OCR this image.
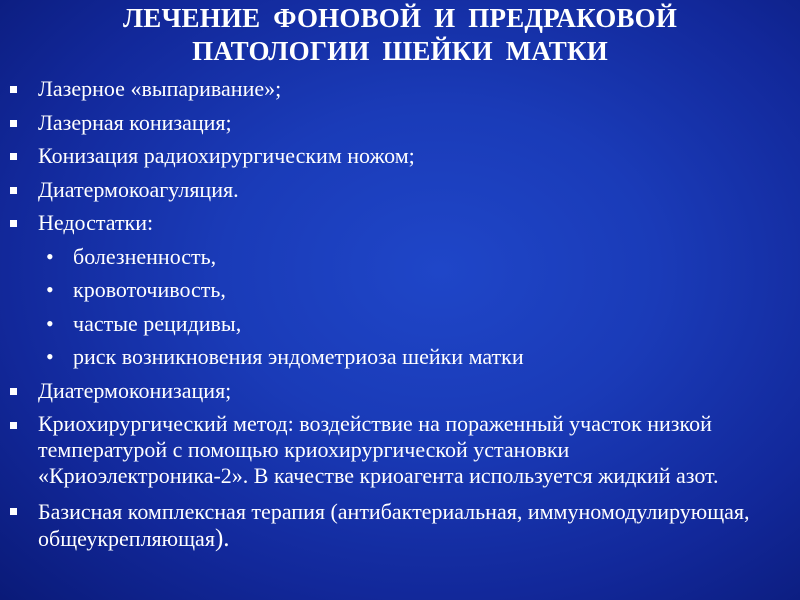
ЛЕЧЕНИЕ ФОНОВОЙ И ПРЕДРАКОВОЙ
ПАТОЛОГИИ ШЕЙКИ МАТКИ
Лазерное «выпаривание»;
Лазерная конизация;
Конизация радиохирургическим ножом;
Диатермокоагуляция.
Недостатки:
• болезненность,
• кровоточивость,
• частые рецидивы,
• риск возникновения эндометриоза шейки матки
Диатермоконизация;
Криохирургический метод: воздействие на пораженный участок низкой температурой с помощью криохирургической установки «Криоэлектроника-2». В качестве криоагента используется жидкий азот.
Базисная комплексная терапия (антибактериальная, иммуномодулирующая, общеукрепляющая).
